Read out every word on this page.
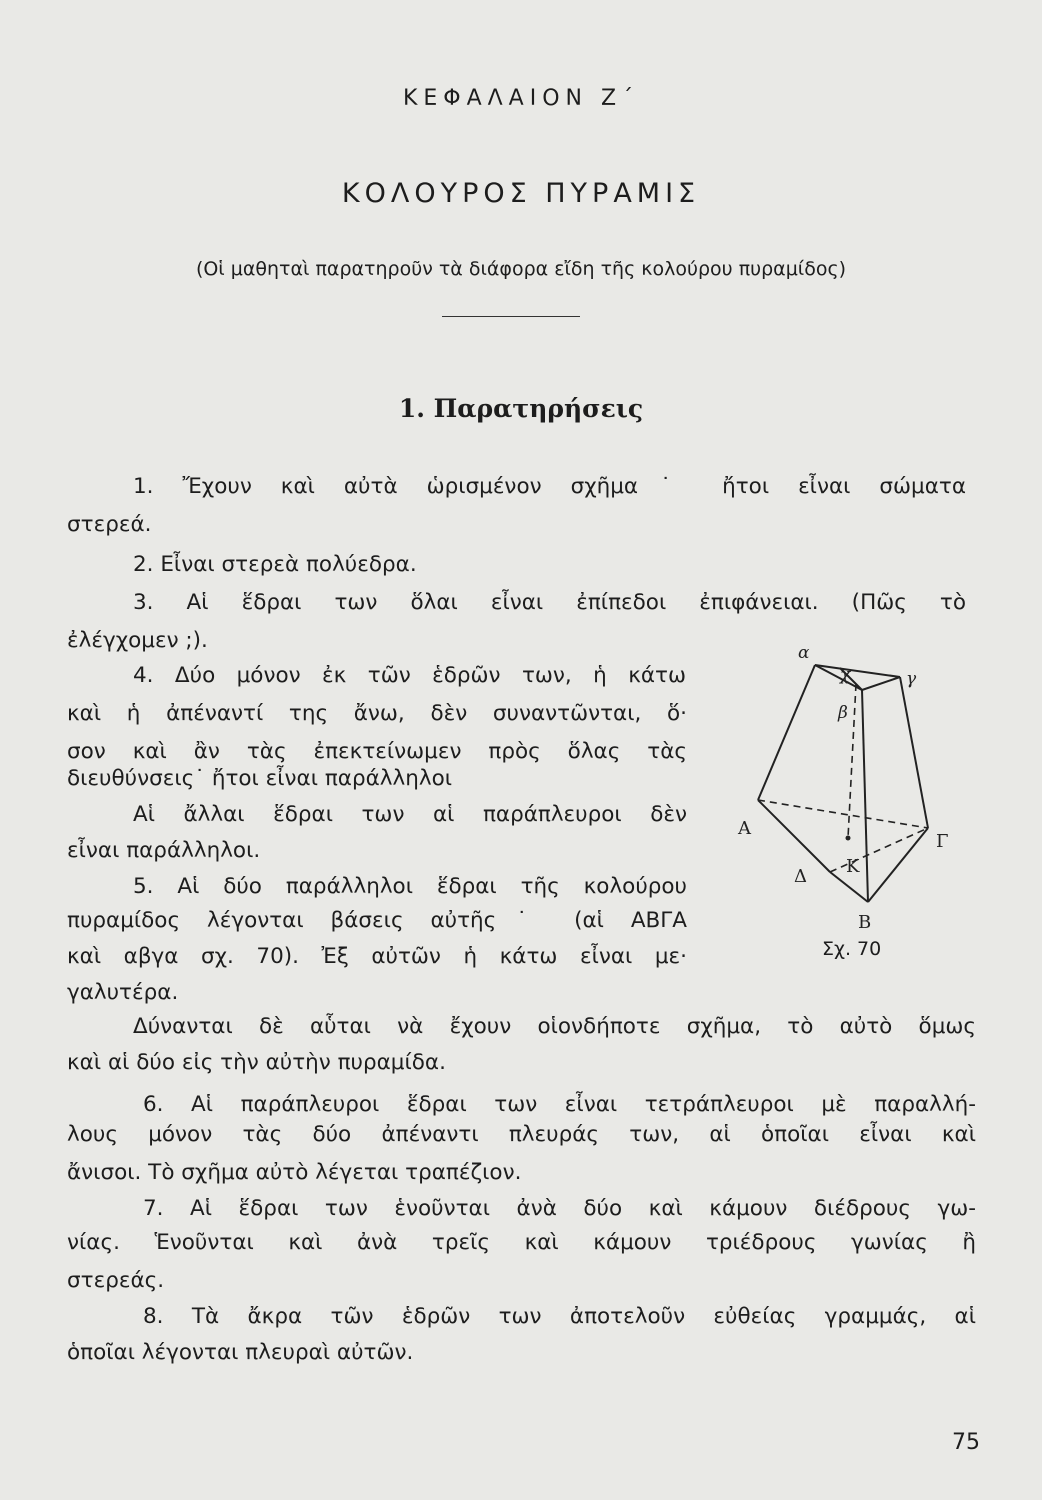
ΚΕΦΑΛΑΙΟΝ Ζ΄
ΚΟΛΟΥΡΟΣ ΠΥΡΑΜΙΣ
(Οἱ μαθηταὶ παρατηροῦν τὰ διάφορα εἴδη τῆς κολούρου πυραμίδος)
1. Παρατηρήσεις
1. Ἔχουν καὶ αὐτὰ ὡρισμένον σχῆμα˙ ἤτοι εἶναι σώματα
στερεά.
2. Εἶναι στερεὰ πολύεδρα.
3. Αἱ ἕδραι των ὅλαι εἶναι ἐπίπεδοι ἐπιφάνειαι. (Πῶς τὸ
ἐλέγχομεν ;).
4. Δύο μόνον ἐκ τῶν ἑδρῶν των, ἡ κάτω
καὶ ἡ ἀπέναντί της ἄνω, δὲν συναντῶνται, ὅ·
σον καὶ ἂν τὰς ἐπεκτείνωμεν πρὸς ὅλας τὰς
διευθύνσεις˙ ἤτοι εἶναι παράλληλοι
Αἱ ἄλλαι ἕδραι των αἱ παράπλευροι δὲν
εἶναι παράλληλοι.
5. Αἱ δύο παράλληλοι ἕδραι τῆς κολούρου
πυραμίδος λέγονται βάσεις αὐτῆς˙ (αἱ ΑΒΓΑ
καὶ αβγα σχ. 70). Ἐξ αὐτῶν ἡ κάτω εἶναι με·
γαλυτέρα.
Δύνανται δὲ αὗται νὰ ἔχουν οἱονδήποτε σχῆμα, τὸ αὐτὸ ὅμως
καὶ αἱ δύο εἰς τὴν αὐτὴν πυραμίδα.
6. Αἱ παράπλευροι ἕδραι των εἶναι τετράπλευροι μὲ παραλλή-
λους μόνον τὰς δύο ἀπέναντι πλευράς των, αἱ ὁποῖαι εἶναι καὶ
ἄνισοι. Τὸ σχῆμα αὐτὸ λέγεται τραπέζιον.
7. Αἱ ἕδραι των ἑνοῦνται ἀνὰ δύο καὶ κάμουν διέδρους γω-
νίας. Ἑνοῦνται καὶ ἀνὰ τρεῖς καὶ κάμουν τριέδρους γωνίας ἢ
στερεάς.
8. Τὰ ἄκρα τῶν ἑδρῶν των ἀποτελοῦν εὐθείας γραμμάς, αἱ
ὁποῖαι λέγονται πλευραὶ αὐτῶν.
α
χ	γ
β
Α
Γ
Δ Κ
Β
Σχ. 70
75
